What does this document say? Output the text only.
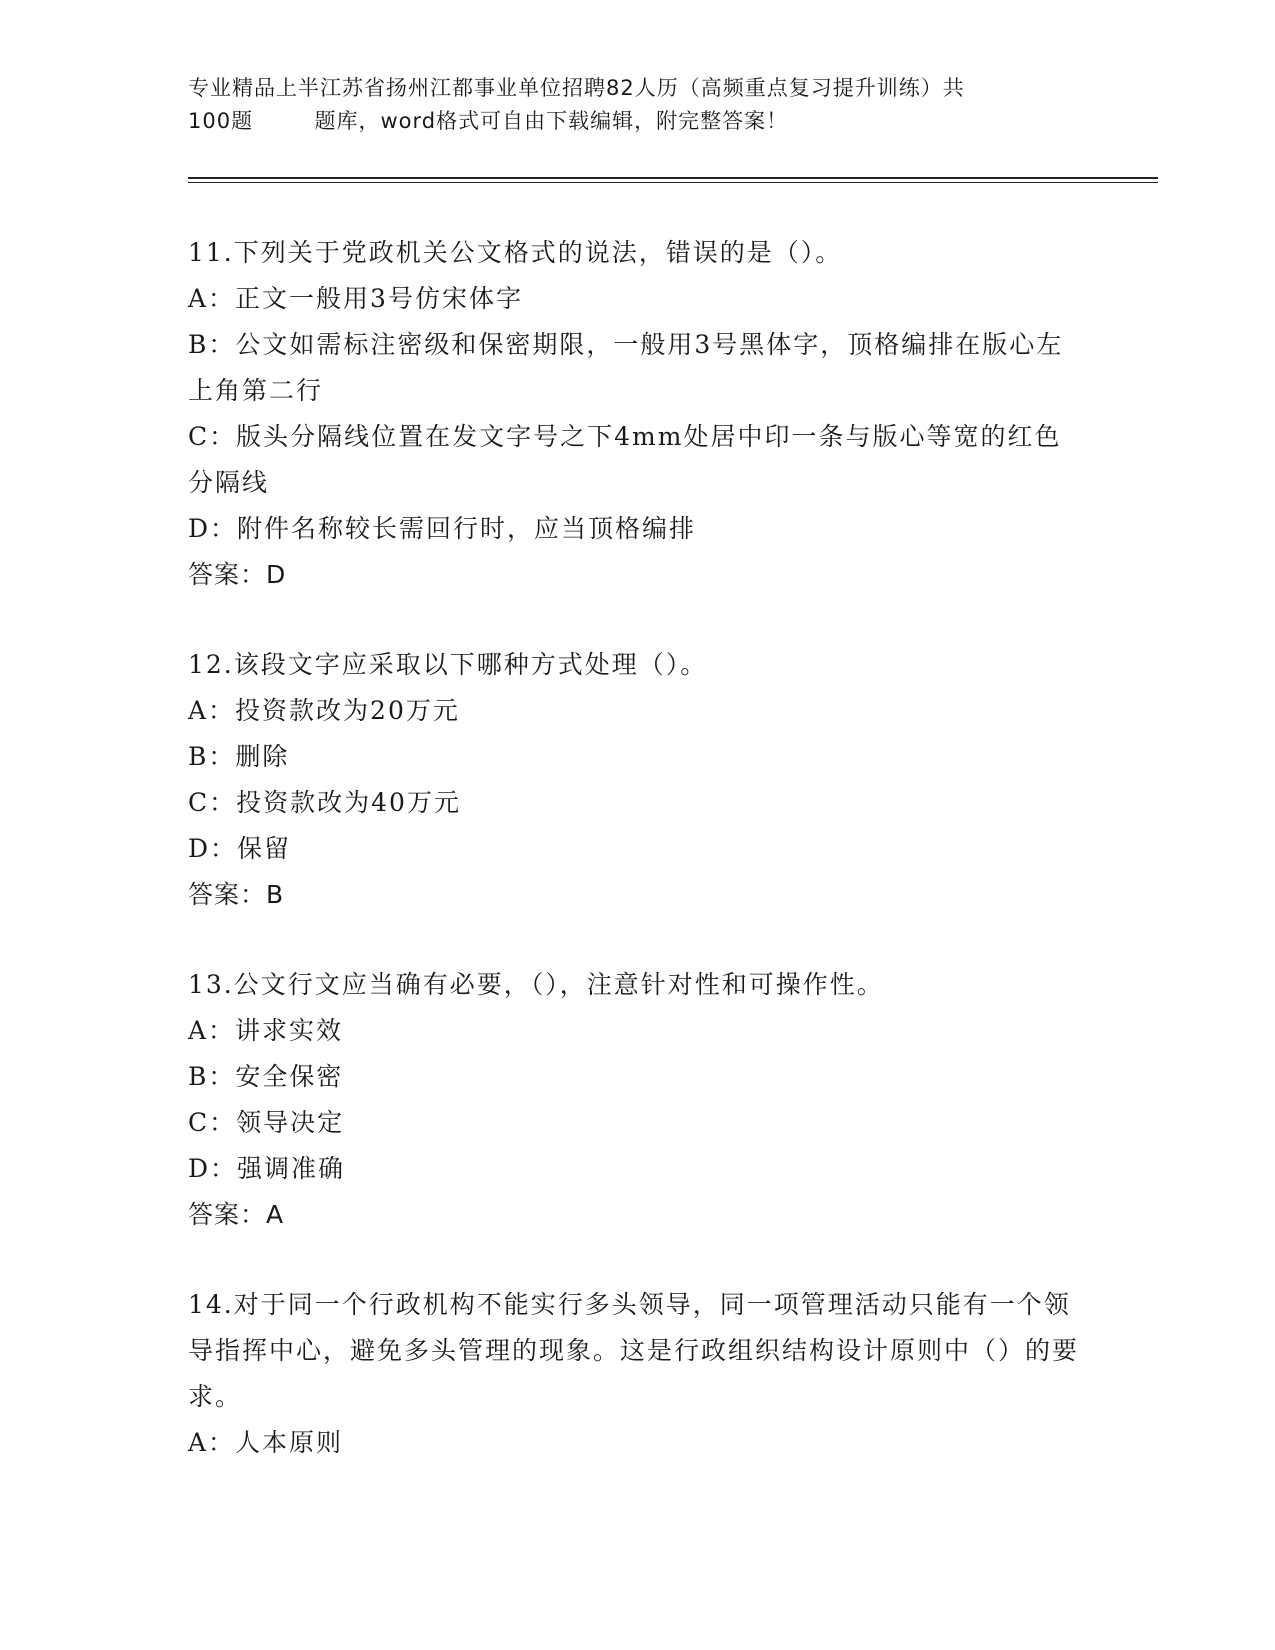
专业精品上半江苏省扬州江都事业单位招聘82人历（高频重点复习提升训练）共
100题        题库，word格式可自由下载编辑，附完整答案！

11.下列关于党政机关公文格式的说法，错误的是（）。

A：正文一般用3号仿宋体字

B：公文如需标注密级和保密期限，一般用3号黑体字，顶格编排在版心左上角第二行

C：版头分隔线位置在发文字号之下4mm处居中印一条与版心等宽的红色分隔线

D：附件名称较长需回行时，应当顶格编排

答案：D

12.该段文字应采取以下哪种方式处理（）。

A：投资款改为20万元

B：删除

C：投资款改为40万元

D：保留

答案：B

13.公文行文应当确有必要，（），注意针对性和可操作性。

A：讲求实效

B：安全保密

C：领导决定

D：强调准确

答案：A

14.对于同一个行政机构不能实行多头领导，同一项管理活动只能有一个领导指挥中心，避免多头管理的现象。这是行政组织结构设计原则中（）的要求。

A：人本原则
